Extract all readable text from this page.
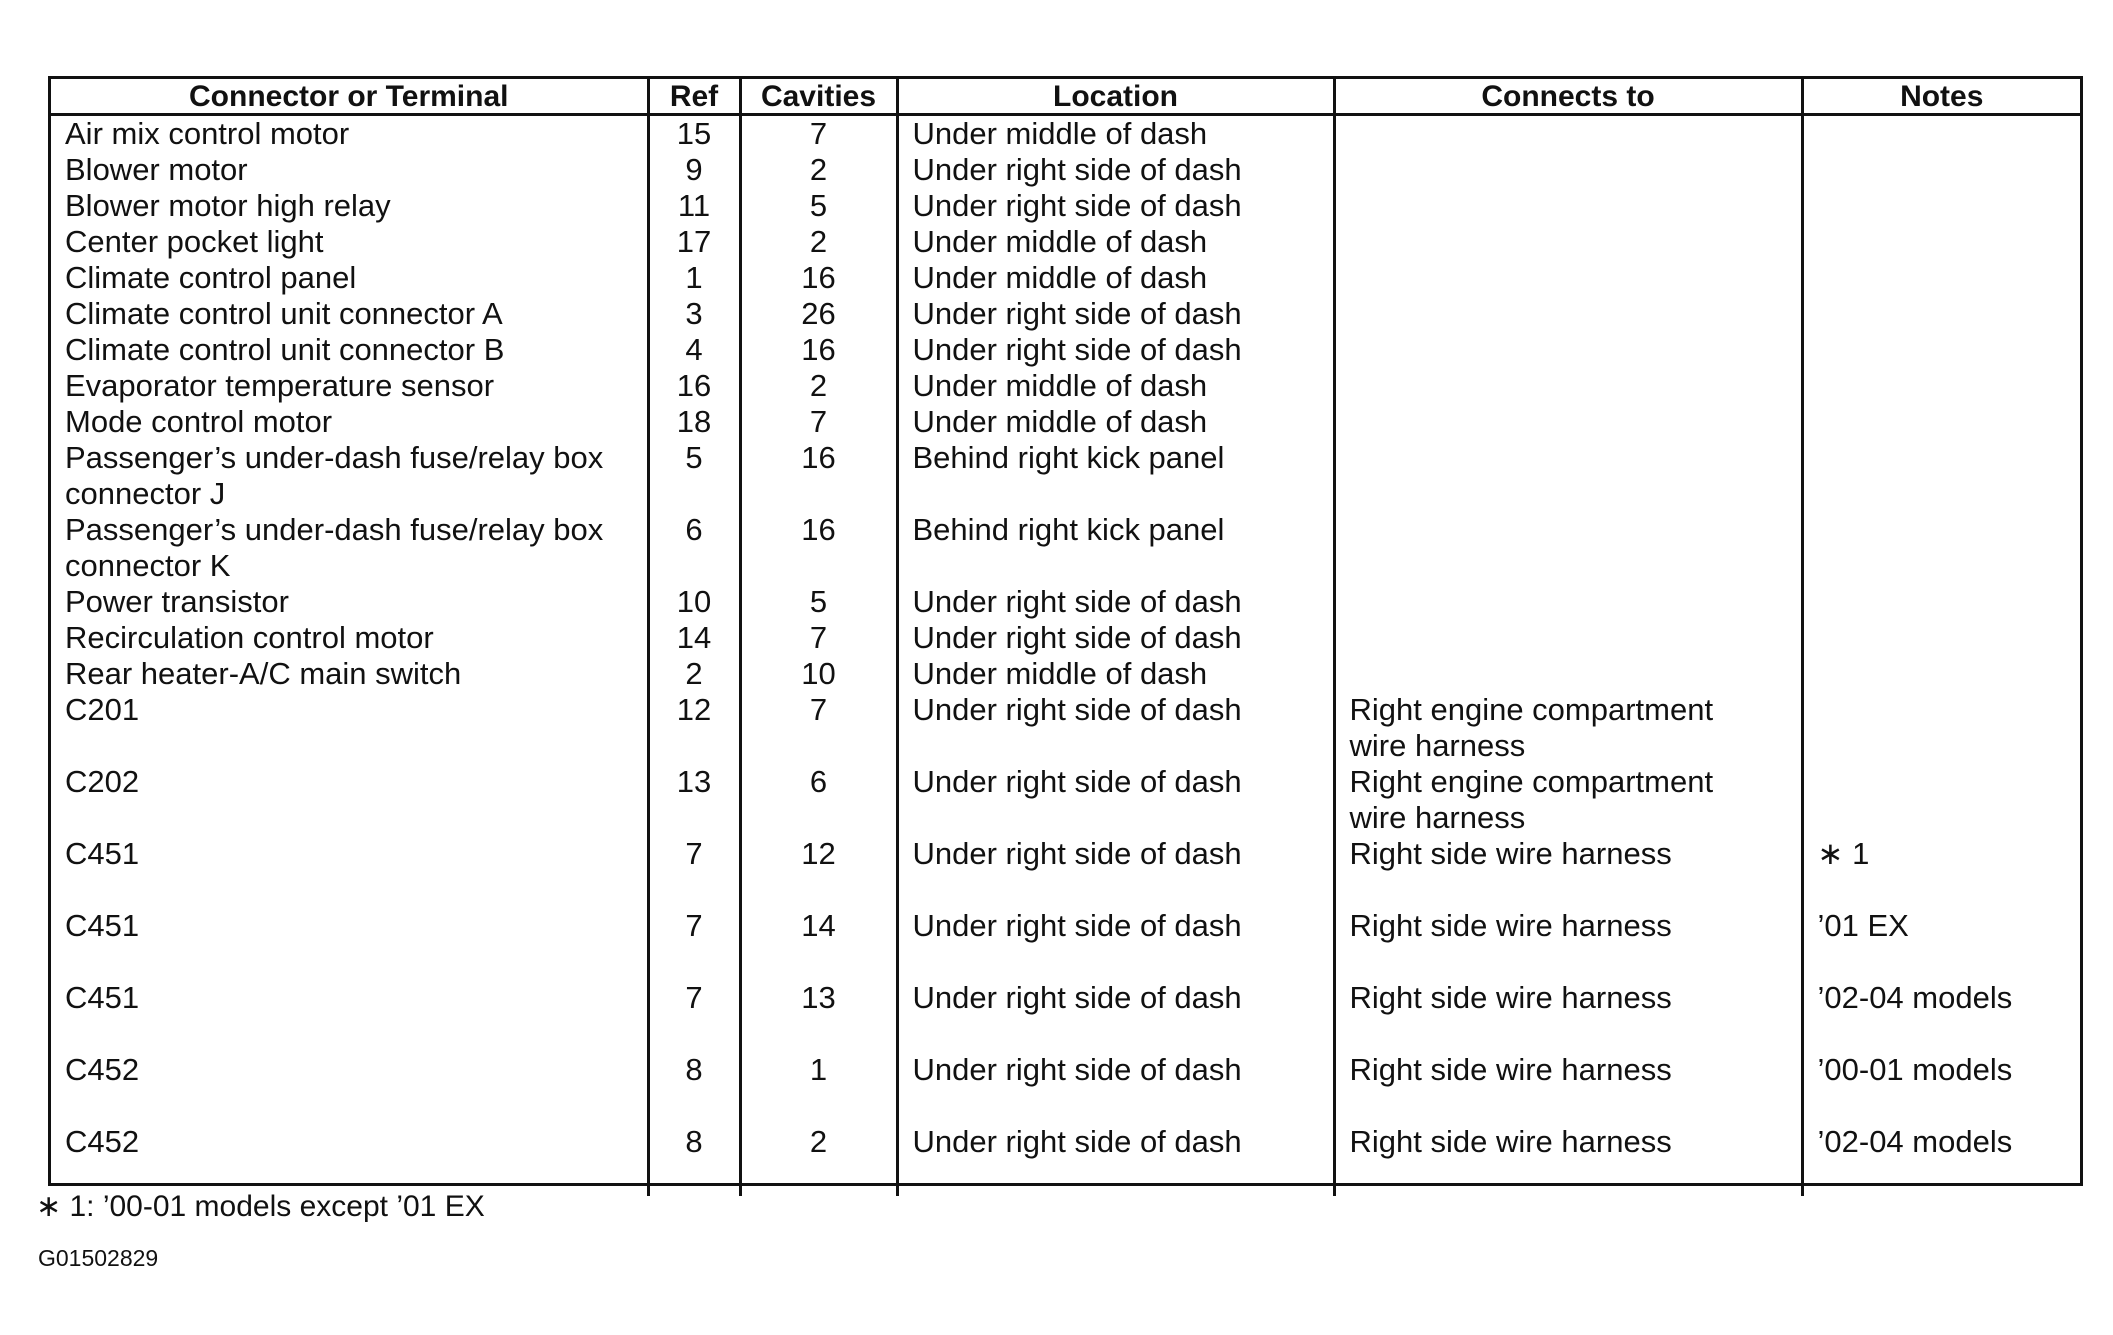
Connector or Terminal	Ref	Cavities	Location	Connects to	Notes
Air mix control motor	15	7	Under middle of dash		
Blower motor	9	2	Under right side of dash		
Blower motor high relay	11	5	Under right side of dash		
Center pocket light	17	2	Under middle of dash		
Climate control panel	1	16	Under middle of dash		
Climate control unit connector A	3	26	Under right side of dash		
Climate control unit connector B	4	16	Under right side of dash		
Evaporator temperature sensor	16	2	Under middle of dash		
Mode control motor	18	7	Under middle of dash		
Passenger’s under-dash fuse/relay box
connector J	5	16	Behind right kick panel		
Passenger’s under-dash fuse/relay box
connector K	6	16	Behind right kick panel		
Power transistor	10	5	Under right side of dash		
Recirculation control motor	14	7	Under right side of dash		
Rear heater-A/C main switch	2	10	Under middle of dash		
C201	12	7	Under right side of dash	Right engine compartment
wire harness	
C202	13	6	Under right side of dash	Right engine compartment
wire harness	
C451	7	12	Under right side of dash	Right side wire harness	∗ 1
C451	7	14	Under right side of dash	Right side wire harness	’01 EX
C451	7	13	Under right side of dash	Right side wire harness	’02-04 models
C452	8	1	Under right side of dash	Right side wire harness	’00-01 models
C452	8	2	Under right side of dash	Right side wire harness	’02-04 models

∗ 1: ’00-01 models except ’01 EX
G01502829
